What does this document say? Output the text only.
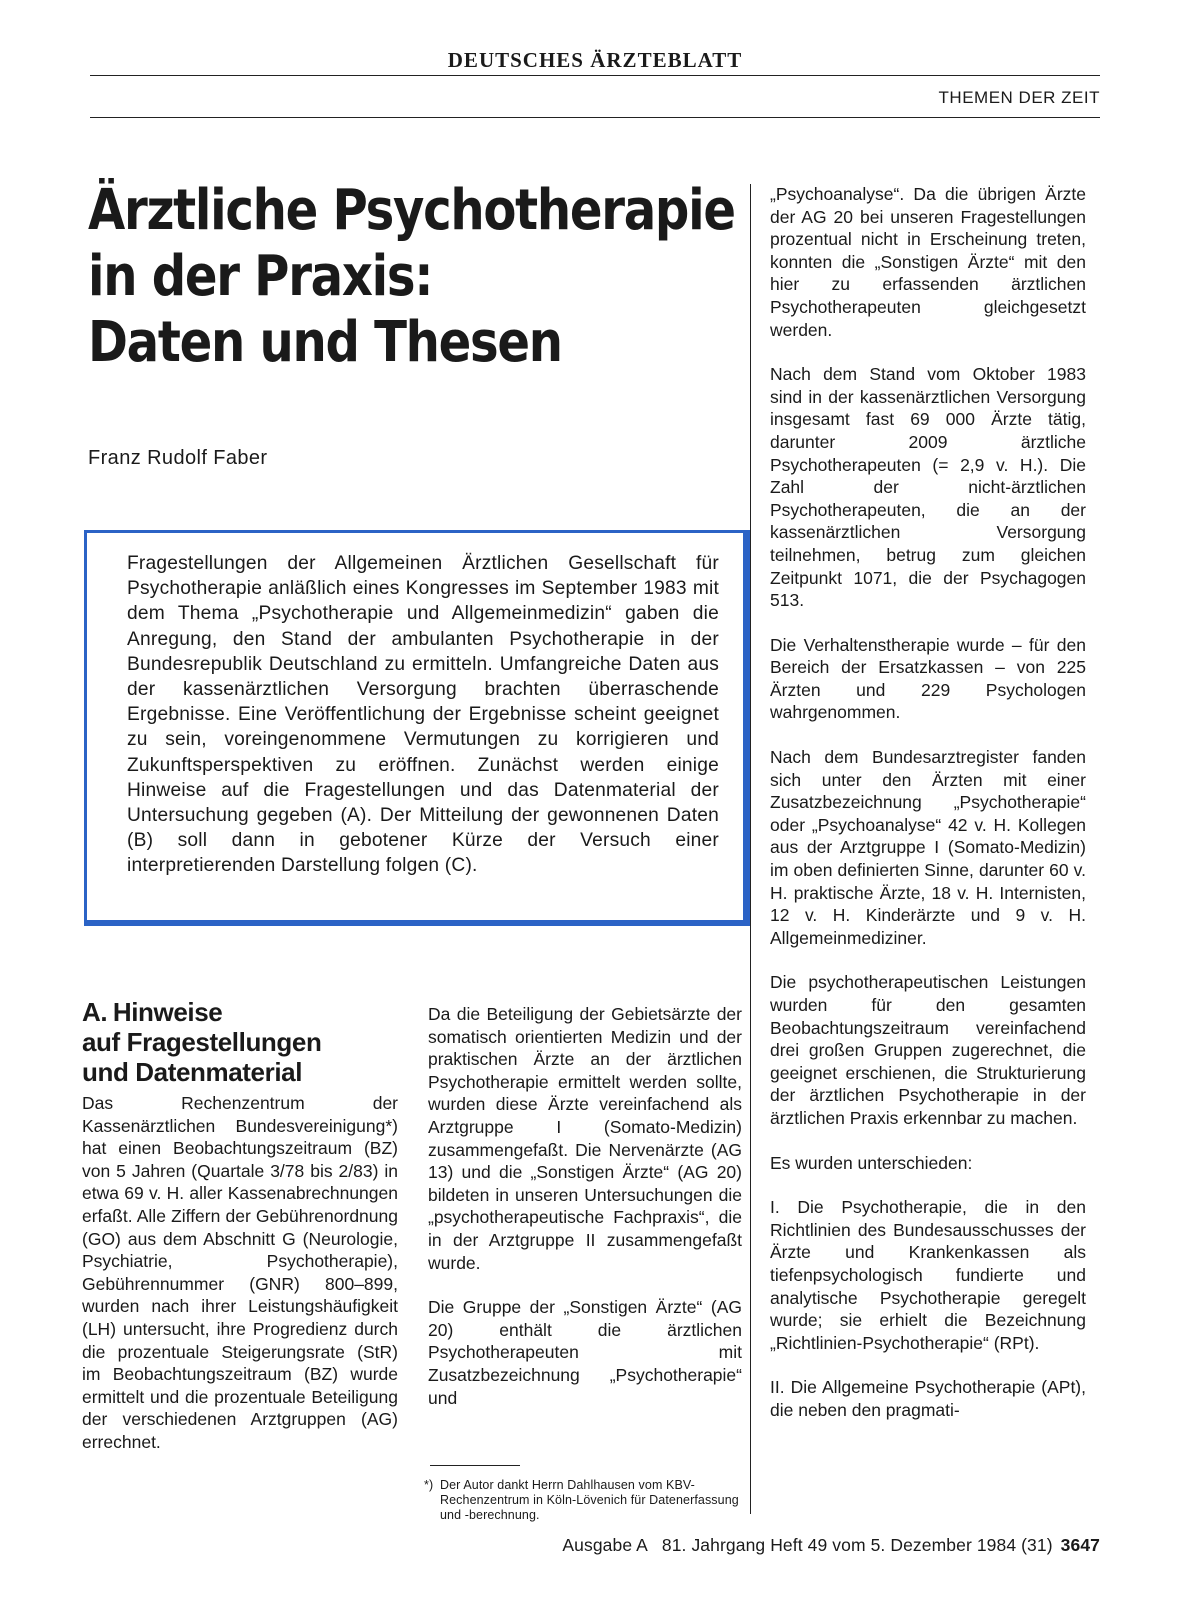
DEUTSCHES ÄRZTEBLATT
THEMEN DER ZEIT
Ärztliche Psychotherapie
in der Praxis:
Daten und Thesen
Franz Rudolf Faber

Fragestellungen der Allgemeinen Ärztlichen Gesellschaft für Psychotherapie anläßlich eines Kongresses im September 1983 mit dem Thema „Psychotherapie und Allgemeinmedizin“ gaben die Anregung, den Stand der ambulanten Psychotherapie in der Bundesrepublik Deutschland zu ermitteln. Umfangreiche Daten aus der kassenärztlichen Versorgung brachten überraschende Ergebnisse. Eine Veröffentlichung der Ergebnisse scheint geeignet zu sein, voreingenommene Vermutungen zu korrigieren und Zukunftsperspektiven zu eröffnen. Zunächst werden einige Hinweise auf die Fragestellungen und das Datenmaterial der Untersuchung gegeben (A). Der Mitteilung der gewonnenen Daten (B) soll dann in gebotener Kürze der Versuch einer interpretierenden Darstellung folgen (C).

A. Hinweise
auf Fragestellungen
und Datenmaterial

Das Rechenzentrum der Kassenärztlichen Bundesvereinigung*) hat einen Beobachtungszeitraum (BZ) von 5 Jahren (Quartale 3/78 bis 2/83) in etwa 69 v. H. aller Kassenabrechnungen erfaßt. Alle Ziffern der Gebührenordnung (GO) aus dem Abschnitt G (Neurologie, Psychiatrie, Psychotherapie), Gebührennummer (GNR) 800–899, wurden nach ihrer Leistungshäufigkeit (LH) untersucht, ihre Progredienz durch die prozentuale Steigerungsrate (StR) im Beobachtungszeitraum (BZ) wurde ermittelt und die prozentuale Beteiligung der verschiedenen Arztgruppen (AG) errechnet.

Da die Beteiligung der Gebietsärzte der somatisch orientierten Medizin und der praktischen Ärzte an der ärztlichen Psychotherapie ermittelt werden sollte, wurden diese Ärzte vereinfachend als Arztgruppe I (Somato-Medizin) zusammengefaßt. Die Nervenärzte (AG 13) und die „Sonstigen Ärzte“ (AG 20) bildeten in unseren Untersuchungen die „psychotherapeutische Fachpraxis“, die in der Arztgruppe II zusammengefaßt wurde.

Die Gruppe der „Sonstigen Ärzte“ (AG 20) enthält die ärztlichen Psychotherapeuten mit Zusatzbezeichnung „Psychotherapie“ und

*) Der Autor dankt Herrn Dahlhausen vom KBV-Rechenzentrum in Köln-Lövenich für Datenerfassung und -berechnung.

„Psychoanalyse“. Da die übrigen Ärzte der AG 20 bei unseren Fragestellungen prozentual nicht in Erscheinung treten, konnten die „Sonstigen Ärzte“ mit den hier zu erfassenden ärztlichen Psychotherapeuten gleichgesetzt werden.

Nach dem Stand vom Oktober 1983 sind in der kassenärztlichen Versorgung insgesamt fast 69 000 Ärzte tätig, darunter 2009 ärztliche Psychotherapeuten (= 2,9 v. H.). Die Zahl der nicht-ärztlichen Psychotherapeuten, die an der kassenärztlichen Versorgung teilnehmen, betrug zum gleichen Zeitpunkt 1071, die der Psychagogen 513.

Die Verhaltenstherapie wurde – für den Bereich der Ersatzkassen – von 225 Ärzten und 229 Psychologen wahrgenommen.

Nach dem Bundesarztregister fanden sich unter den Ärzten mit einer Zusatzbezeichnung „Psychotherapie“ oder „Psychoanalyse“ 42 v. H. Kollegen aus der Arztgruppe I (Somato-Medizin) im oben definierten Sinne, darunter 60 v. H. praktische Ärzte, 18 v. H. Internisten, 12 v. H. Kinderärzte und 9 v. H. Allgemeinmediziner.

Die psychotherapeutischen Leistungen wurden für den gesamten Beobachtungszeitraum vereinfachend drei großen Gruppen zugerechnet, die geeignet erschienen, die Strukturierung der ärztlichen Psychotherapie in der ärztlichen Praxis erkennbar zu machen.

Es wurden unterschieden:

I. Die Psychotherapie, die in den Richtlinien des Bundesausschusses der Ärzte und Krankenkassen als tiefenpsychologisch fundierte und analytische Psychotherapie geregelt wurde; sie erhielt die Bezeichnung „Richtlinien-Psychotherapie“ (RPt).

II. Die Allgemeine Psychotherapie (APt), die neben den pragmati-

Ausgabe A   81. Jahrgang Heft 49 vom 5. Dezember 1984 (31) 3647
